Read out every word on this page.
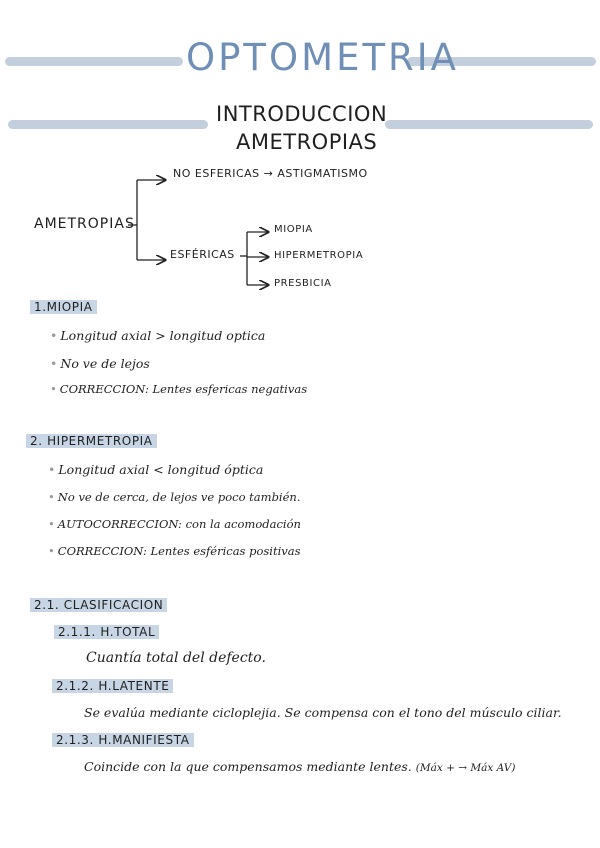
OPTOMETRIA
INTRODUCCION
AMETROPIAS
AMETROPIAS
NO ESFERICAS → ASTIGMATISMO
ESFÉRICAS
MIOPIA
HIPERMETROPIA
PRESBICIA
1.MIOPIA
• Longitud axial > longitud optica
• No ve de lejos
• CORRECCION: Lentes esfericas negativas
2. HIPERMETROPIA
• Longitud axial < longitud óptica
• No ve de cerca, de lejos ve poco también.
• AUTOCORRECCION: con la acomodación
• CORRECCION: Lentes esféricas positivas
2.1. CLASIFICACION
2.1.1. H.TOTAL
Cuantía total del defecto.
2.1.2. H.LATENTE
Se evalúa mediante cicloplejia. Se compensa con el tono del músculo ciliar.
2.1.3. H.MANIFIESTA
Coincide con la que compensamos mediante lentes. (Máx + → Máx AV)
